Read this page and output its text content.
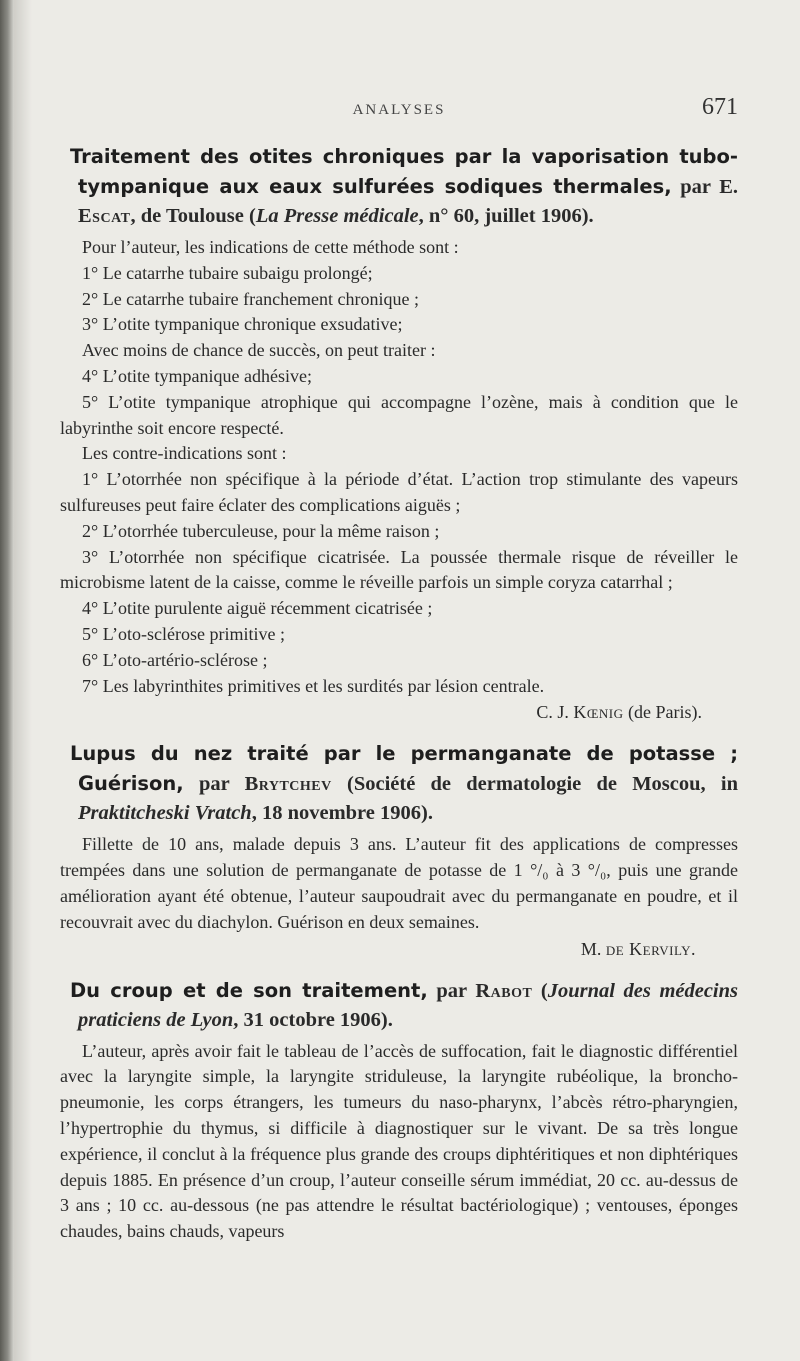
ANALYSES	671
Traitement des otites chroniques par la vaporisation tubo-tympanique aux eaux sulfurées sodiques thermales, par E. Escat, de Toulouse (La Presse médicale, n° 60, juillet 1906).

Pour l’auteur, les indications de cette méthode sont :

1° Le catarrhe tubaire subaigu prolongé;

2° Le catarrhe tubaire franchement chronique ;

3° L’otite tympanique chronique exsudative;

Avec moins de chance de succès, on peut traiter :

4° L’otite tympanique adhésive;

5° L’otite tympanique atrophique qui accompagne l’ozène, mais à condition que le labyrinthe soit encore respecté.

Les contre-indications sont :

1° L’otorrhée non spécifique à la période d’état. L’action trop stimulante des vapeurs sulfureuses peut faire éclater des complications aiguës ;

2° L’otorrhée tuberculeuse, pour la même raison ;

3° L’otorrhée non spécifique cicatrisée. La poussée thermale risque de réveiller le microbisme latent de la caisse, comme le réveille parfois un simple coryza catarrhal ;

4° L’otite purulente aiguë récemment cicatrisée ;

5° L’oto-sclérose primitive ;

6° L’oto-artério-sclérose ;

7° Les labyrinthites primitives et les surdités par lésion centrale.

C. J. Kœnig (de Paris).

Lupus du nez traité par le permanganate de potasse ; Guérison, par Brytchev (Société de dermatologie de Moscou, in Praktitcheski Vratch, 18 novembre 1906).

Fillette de 10 ans, malade depuis 3 ans. L’auteur fit des applications de compresses trempées dans une solution de permanganate de potasse de 1 °/₀ à 3 °/₀, puis une grande amélioration ayant été obtenue, l’auteur saupoudrait avec du permanganate en poudre, et il recouvrait avec du diachylon. Guérison en deux semaines.

M. de Kervily.

Du croup et de son traitement, par Rabot (Journal des médecins praticiens de Lyon, 31 octobre 1906).

L’auteur, après avoir fait le tableau de l’accès de suffocation, fait le diagnostic différentiel avec la laryngite simple, la laryngite striduleuse, la laryngite rubéolique, la broncho-pneumonie, les corps étrangers, les tumeurs du naso-pharynx, l’abcès rétro-pharyngien, l’hypertrophie du thymus, si difficile à diagnostiquer sur le vivant. De sa très longue expérience, il conclut à la fréquence plus grande des croups diphtéritiques et non diphtériques depuis 1885. En présence d’un croup, l’auteur conseille sérum immédiat, 20 cc. au-dessus de 3 ans ; 10 cc. au-dessous (ne pas attendre le résultat bactériologique) ; ventouses, éponges chaudes, bains chauds, vapeurs
